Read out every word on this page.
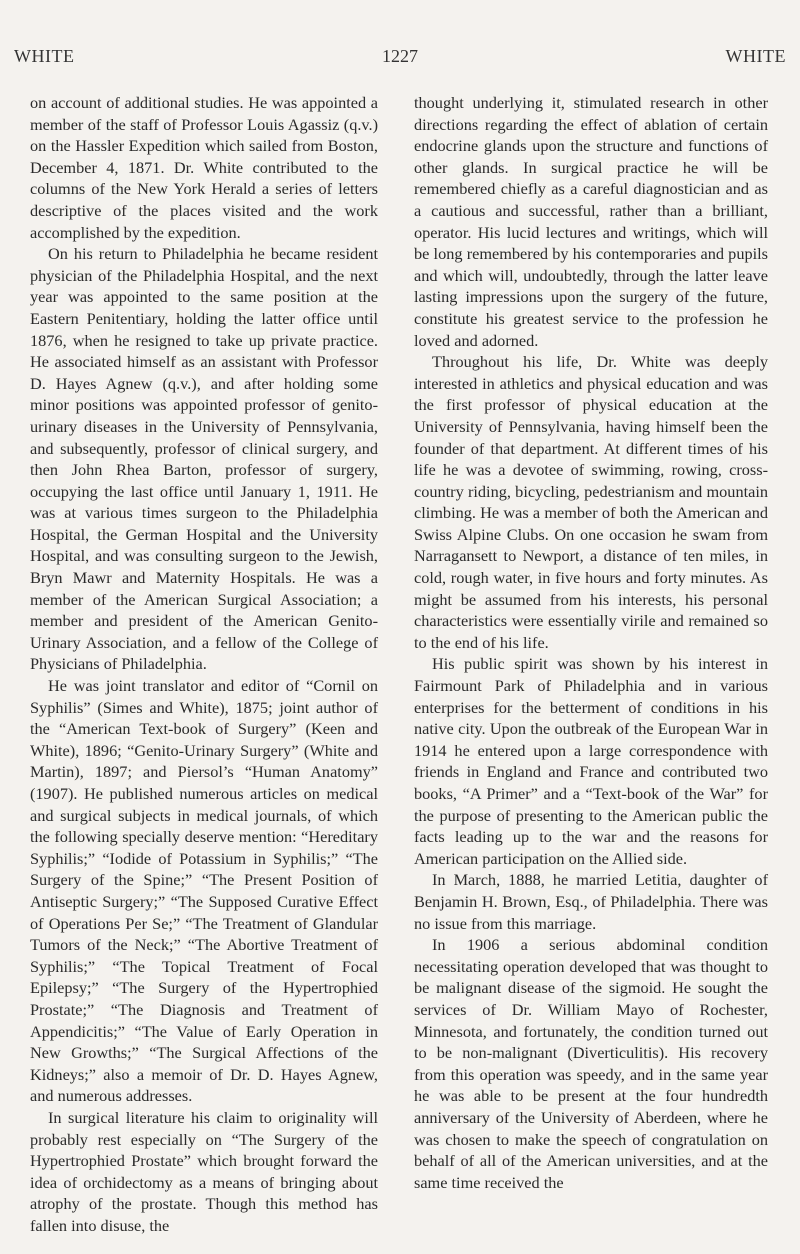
WHITE	1227	WHITE

on account of additional studies. He was appointed a member of the staff of Professor Louis Agassiz (q.v.) on the Hassler Expedition which sailed from Boston, December 4, 1871. Dr. White contributed to the columns of the New York Herald a series of letters descriptive of the places visited and the work accomplished by the expedition.

On his return to Philadelphia he became resident physician of the Philadelphia Hospital, and the next year was appointed to the same position at the Eastern Penitentiary, holding the latter office until 1876, when he resigned to take up private practice. He associated himself as an assistant with Professor D. Hayes Agnew (q.v.), and after holding some minor positions was appointed professor of genito-urinary diseases in the University of Pennsylvania, and subsequently, professor of clinical surgery, and then John Rhea Barton, professor of surgery, occupying the last office until January 1, 1911. He was at various times surgeon to the Philadelphia Hospital, the German Hospital and the University Hospital, and was consulting surgeon to the Jewish, Bryn Mawr and Maternity Hospitals. He was a member of the American Surgical Association; a member and president of the American Genito-Urinary Association, and a fellow of the College of Physicians of Philadelphia.

He was joint translator and editor of “Cornil on Syphilis” (Simes and White), 1875; joint author of the “American Text-book of Surgery” (Keen and White), 1896; “Genito-Urinary Surgery” (White and Martin), 1897; and Piersol’s “Human Anatomy” (1907). He published numerous articles on medical and surgical subjects in medical journals, of which the following specially deserve mention: “Hereditary Syphilis;” “Iodide of Potassium in Syphilis;” “The Surgery of the Spine;” “The Present Position of Antiseptic Surgery;” “The Supposed Curative Effect of Operations Per Se;” “The Treatment of Glandular Tumors of the Neck;” “The Abortive Treatment of Syphilis;” “The Topical Treatment of Focal Epilepsy;” “The Surgery of the Hypertrophied Prostate;” “The Diagnosis and Treatment of Appendicitis;” “The Value of Early Operation in New Growths;” “The Surgical Affections of the Kidneys;” also a memoir of Dr. D. Hayes Agnew, and numerous addresses.

In surgical literature his claim to originality will probably rest especially on “The Surgery of the Hypertrophied Prostate” which brought forward the idea of orchidectomy as a means of bringing about atrophy of the prostate. Though this method has fallen into disuse, the

thought underlying it, stimulated research in other directions regarding the effect of ablation of certain endocrine glands upon the structure and functions of other glands. In surgical practice he will be remembered chiefly as a careful diagnostician and as a cautious and successful, rather than a brilliant, operator. His lucid lectures and writings, which will be long remembered by his contemporaries and pupils and which will, undoubtedly, through the latter leave lasting impressions upon the surgery of the future, constitute his greatest service to the profession he loved and adorned.

Throughout his life, Dr. White was deeply interested in athletics and physical education and was the first professor of physical education at the University of Pennsylvania, having himself been the founder of that department. At different times of his life he was a devotee of swimming, rowing, cross-country riding, bicycling, pedestrianism and mountain climbing. He was a member of both the American and Swiss Alpine Clubs. On one occasion he swam from Narragansett to Newport, a distance of ten miles, in cold, rough water, in five hours and forty minutes. As might be assumed from his interests, his personal characteristics were essentially virile and remained so to the end of his life.

His public spirit was shown by his interest in Fairmount Park of Philadelphia and in various enterprises for the betterment of conditions in his native city. Upon the outbreak of the European War in 1914 he entered upon a large correspondence with friends in England and France and contributed two books, “A Primer” and a “Text-book of the War” for the purpose of presenting to the American public the facts leading up to the war and the reasons for American participation on the Allied side.

In March, 1888, he married Letitia, daughter of Benjamin H. Brown, Esq., of Philadelphia. There was no issue from this marriage.

In 1906 a serious abdominal condition necessitating operation developed that was thought to be malignant disease of the sigmoid. He sought the services of Dr. William Mayo of Rochester, Minnesota, and fortunately, the condition turned out to be non-malignant (Diverticulitis). His recovery from this operation was speedy, and in the same year he was able to be present at the four hundredth anniversary of the University of Aberdeen, where he was chosen to make the speech of congratulation on behalf of all of the American universities, and at the same time received the
